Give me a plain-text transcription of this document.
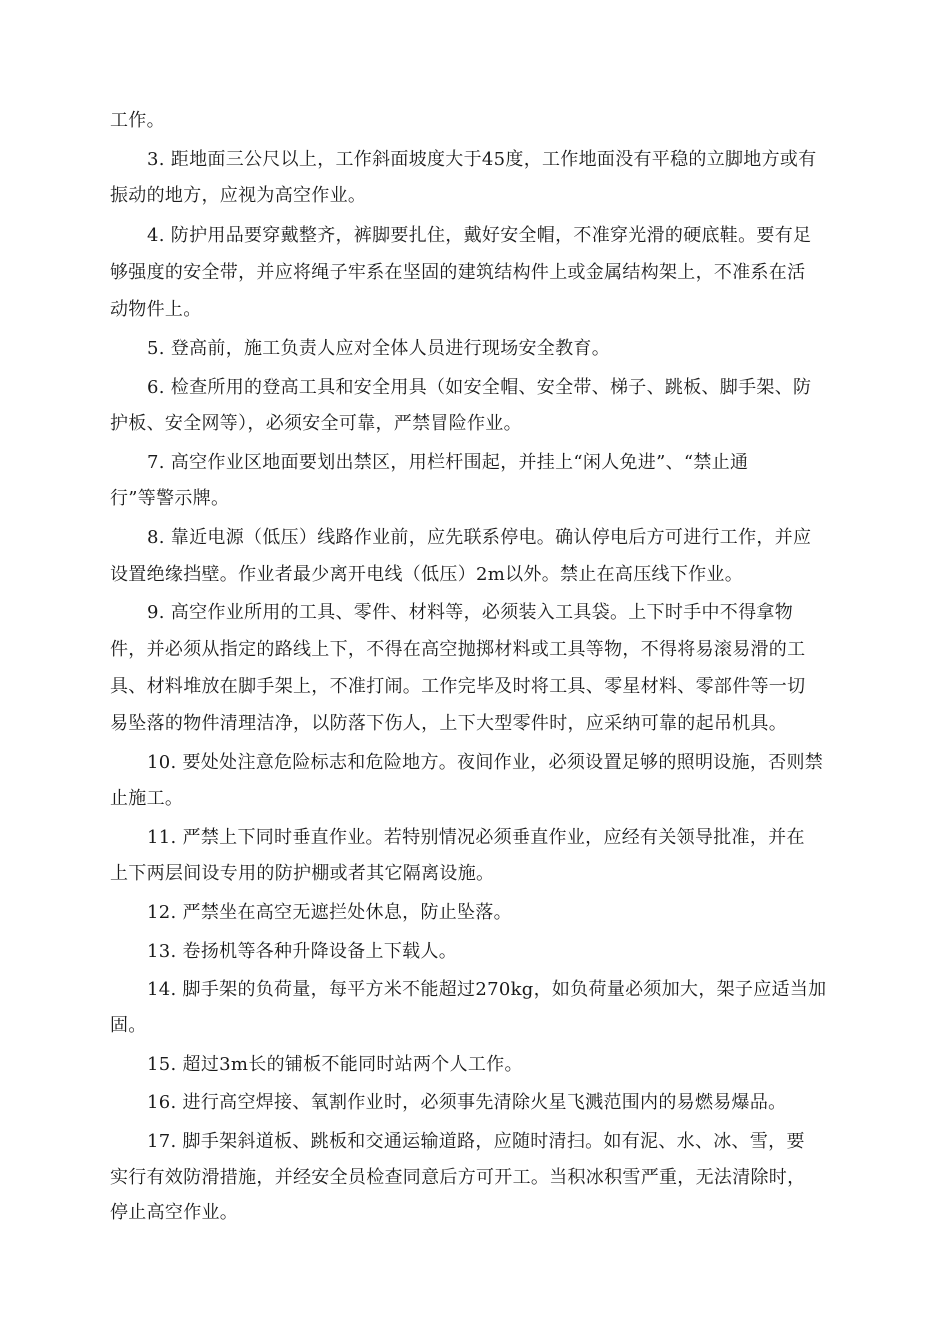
工作。
3. 距地面三公尺以上，工作斜面坡度大于45度，工作地面没有平稳的立脚地方或有
振动的地方，应视为高空作业。
4. 防护用品要穿戴整齐，裤脚要扎住，戴好安全帽，不准穿光滑的硬底鞋。要有足
够强度的安全带，并应将绳子牢系在坚固的建筑结构件上或金属结构架上，不准系在活
动物件上。
5. 登高前，施工负责人应对全体人员进行现场安全教育。
6. 检查所用的登高工具和安全用具（如安全帽、安全带、梯子、跳板、脚手架、防
护板、安全网等），必须安全可靠，严禁冒险作业。
7. 高空作业区地面要划出禁区，用栏杆围起，并挂上“闲人免进”、“禁止通
行”等警示牌。
8. 靠近电源（低压）线路作业前，应先联系停电。确认停电后方可进行工作，并应
设置绝缘挡壁。作业者最少离开电线（低压）2m以外。禁止在高压线下作业。
9. 高空作业所用的工具、零件、材料等，必须装入工具袋。上下时手中不得拿物
件，并必须从指定的路线上下，不得在高空抛掷材料或工具等物，不得将易滚易滑的工
具、材料堆放在脚手架上，不准打闹。工作完毕及时将工具、零星材料、零部件等一切
易坠落的物件清理洁净，以防落下伤人，上下大型零件时，应采纳可靠的起吊机具。
10. 要处处注意危险标志和危险地方。夜间作业，必须设置足够的照明设施，否则禁
止施工。
11. 严禁上下同时垂直作业。若特别情况必须垂直作业，应经有关领导批准，并在
上下两层间设专用的防护棚或者其它隔离设施。
12. 严禁坐在高空无遮拦处休息，防止坠落。
13. 卷扬机等各种升降设备上下载人。
14. 脚手架的负荷量，每平方米不能超过270kg，如负荷量必须加大，架子应适当加
固。
15. 超过3m长的铺板不能同时站两个人工作。
16. 进行高空焊接、氧割作业时，必须事先清除火星飞溅范围内的易燃易爆品。
17. 脚手架斜道板、跳板和交通运输道路，应随时清扫。如有泥、水、冰、雪，要
实行有效防滑措施，并经安全员检查同意后方可开工。当积冰积雪严重，无法清除时，
停止高空作业。
